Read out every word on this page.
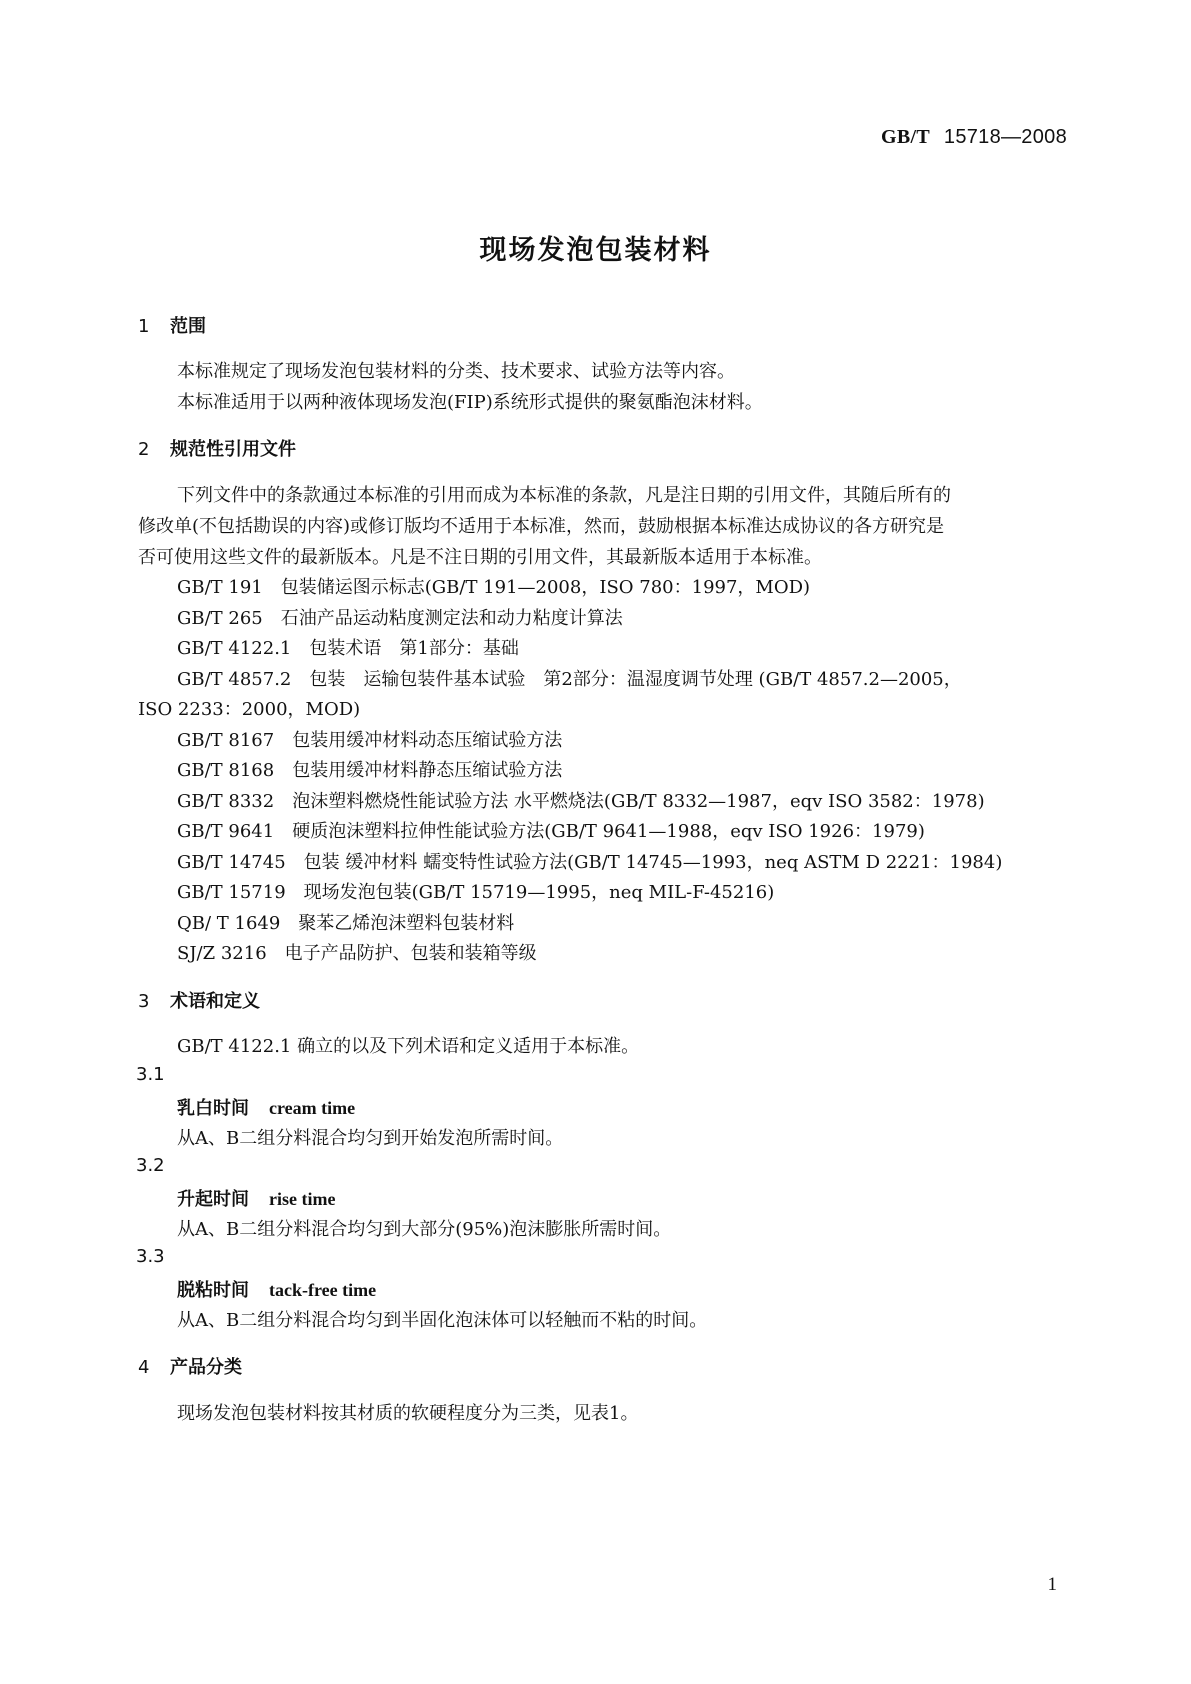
GB/T 15718—2008
现场发泡包装材料
1 范围
本标准规定了现场发泡包装材料的分类、技术要求、试验方法等内容。
本标准适用于以两种液体现场发泡(FIP)系统形式提供的聚氨酯泡沫材料。
2 规范性引用文件
下列文件中的条款通过本标准的引用而成为本标准的条款，凡是注日期的引用文件，其随后所有的
修改单(不包括勘误的内容)或修订版均不适用于本标准，然而，鼓励根据本标准达成协议的各方研究是
否可使用这些文件的最新版本。凡是不注日期的引用文件，其最新版本适用于本标准。
GB/T 191　包装储运图示标志(GB/T 191—2008，ISO 780：1997，MOD)
GB/T 265　石油产品运动粘度测定法和动力粘度计算法
GB/T 4122.1　包装术语　第1部分：基础
GB/T 4857.2　包装　运输包装件基本试验　第2部分：温湿度调节处理 (GB/T 4857.2—2005，
ISO 2233：2000，MOD)
GB/T 8167　包装用缓冲材料动态压缩试验方法
GB/T 8168　包装用缓冲材料静态压缩试验方法
GB/T 8332　泡沫塑料燃烧性能试验方法 水平燃烧法(GB/T 8332—1987，eqv ISO 3582：1978)
GB/T 9641　硬质泡沫塑料拉伸性能试验方法(GB/T 9641—1988，eqv ISO 1926：1979)
GB/T 14745　包装 缓冲材料 蠕变特性试验方法(GB/T 14745—1993，neq ASTM D 2221：1984)
GB/T 15719　现场发泡包装(GB/T 15719—1995，neq MIL-F-45216)
QB/ T 1649　聚苯乙烯泡沫塑料包装材料
SJ/Z 3216　电子产品防护、包装和装箱等级
3 术语和定义
GB/T 4122.1 确立的以及下列术语和定义适用于本标准。
3.1
乳白时间 cream time
从A、B二组分料混合均匀到开始发泡所需时间。
3.2
升起时间 rise time
从A、B二组分料混合均匀到大部分(95%)泡沫膨胀所需时间。
3.3
脱粘时间 tack-free time
从A、B二组分料混合均匀到半固化泡沫体可以轻触而不粘的时间。
4 产品分类
现场发泡包装材料按其材质的软硬程度分为三类，见表1。
1
